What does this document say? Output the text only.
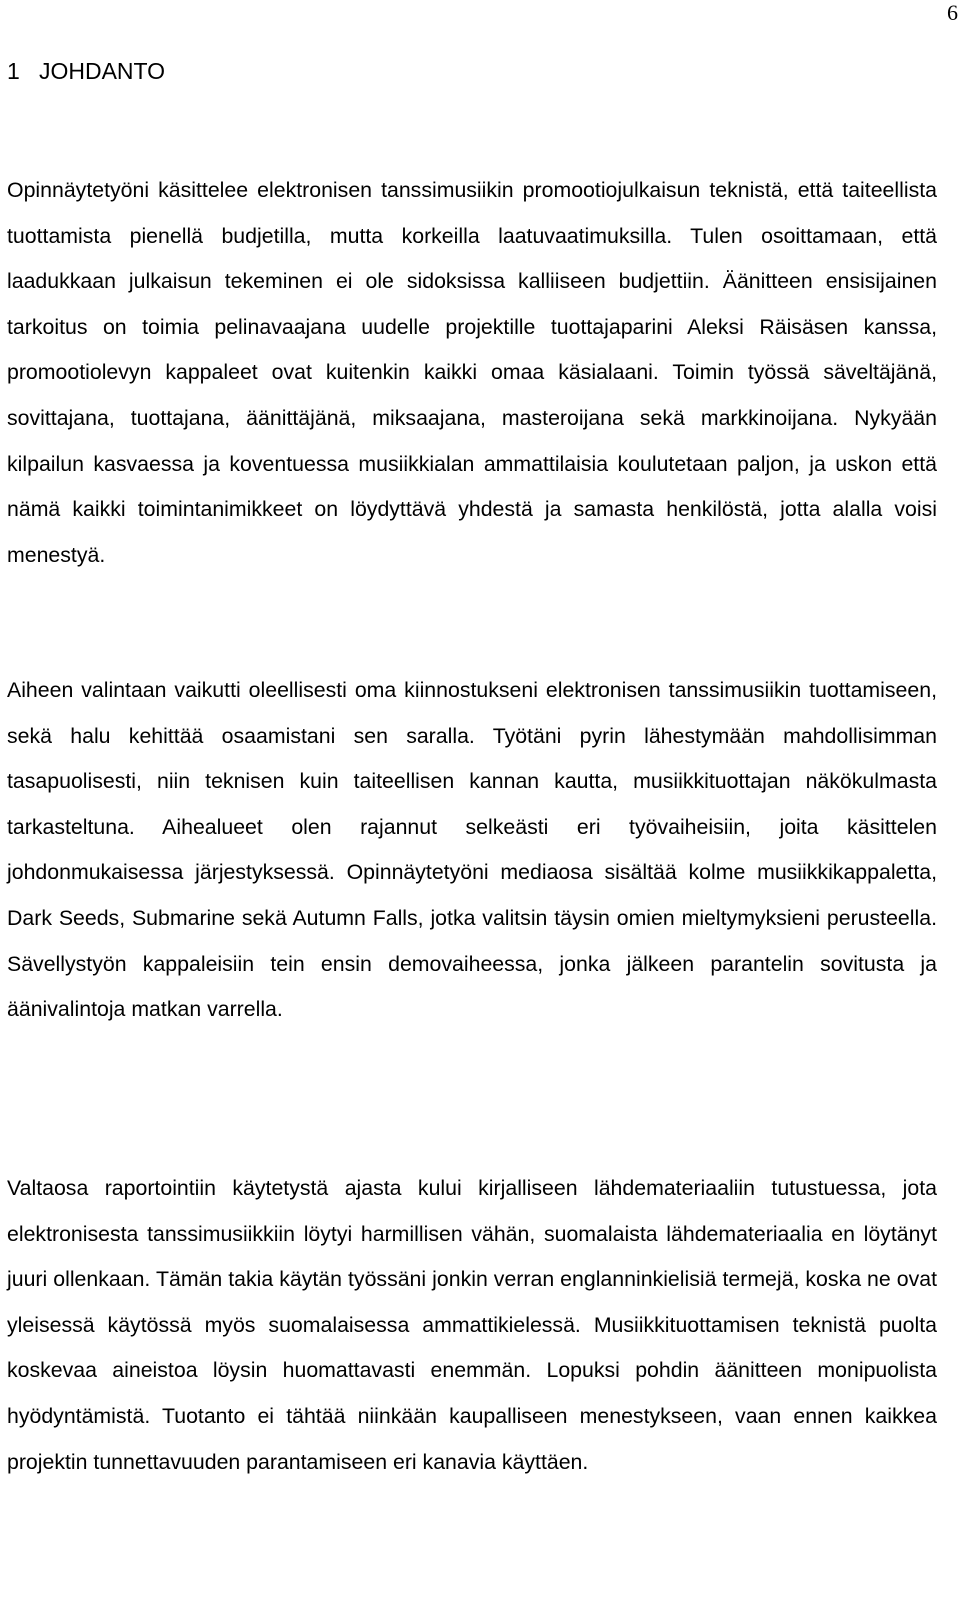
6
1 JOHDANTO

Opinnäytetyöni käsittelee elektronisen tanssimusiikin promootiojulkaisun teknistä, että taiteellista tuottamista pienellä budjetilla, mutta korkeilla laatuvaatimuksilla. Tulen osoittamaan, että laadukkaan julkaisun tekeminen ei ole sidoksissa kalliiseen budjettiin. Äänitteen ensisijainen tarkoitus on toimia pelinavaajana uudelle projektille tuottajaparini Aleksi Räisäsen kanssa, promootiolevyn kappaleet ovat kuitenkin kaikki omaa käsialaani. Toimin työssä säveltäjänä, sovittajana, tuottajana, äänittäjänä, miksaajana, masteroijana sekä markkinoijana. Nykyään kilpailun kasvaessa ja koventuessa musiikkialan ammattilaisia koulutetaan paljon, ja uskon että nämä kaikki toimintanimikkeet on löydyttävä yhdestä ja samasta henkilöstä, jotta alalla voisi menestyä.

Aiheen valintaan vaikutti oleellisesti oma kiinnostukseni elektronisen tanssimusiikin tuottamiseen, sekä halu kehittää osaamistani sen saralla. Työtäni pyrin lähestymään mahdollisimman tasapuolisesti, niin teknisen kuin taiteellisen kannan kautta, musiikkituottajan näkökulmasta tarkasteltuna. Aihealueet olen rajannut selkeästi eri työvaiheisiin, joita käsittelen johdonmukaisessa järjestyksessä. Opinnäytetyöni mediaosa sisältää kolme musiikkikappaletta, Dark Seeds, Submarine sekä Autumn Falls, jotka valitsin täysin omien mieltymyksieni perusteella. Sävellystyön kappaleisiin tein ensin demovaiheessa, jonka jälkeen parantelin sovitusta ja äänivalintoja matkan varrella.

Valtaosa raportointiin käytetystä ajasta kului kirjalliseen lähdemateriaaliin tutustuessa, jota elektronisesta tanssimusiikkiin löytyi harmillisen vähän, suomalaista lähdemateriaalia en löytänyt juuri ollenkaan. Tämän takia käytän työssäni jonkin verran englanninkielisiä termejä, koska ne ovat yleisessä käytössä myös suomalaisessa ammattikielessä. Musiikkituottamisen teknistä puolta koskevaa aineistoa löysin huomattavasti enemmän. Lopuksi pohdin äänitteen monipuolista hyödyntämistä. Tuotanto ei tähtää niinkään kaupalliseen menestykseen, vaan ennen kaikkea projektin tunnettavuuden parantamiseen eri kanavia käyttäen.
